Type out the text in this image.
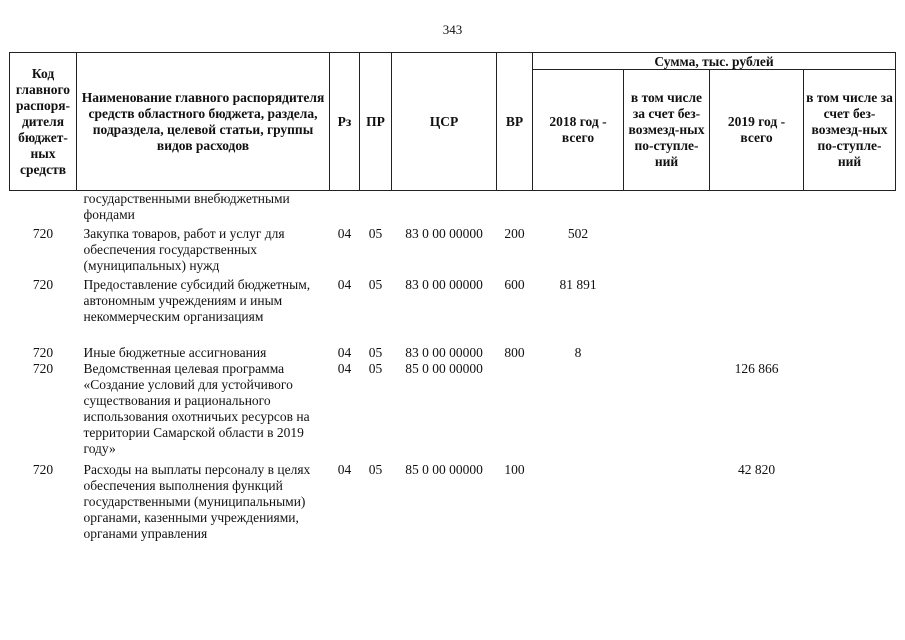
343
Код главного распоря-дителя бюджет-ных средств	Наименование главного распорядителя средств областного бюджета, раздела, подраздела, целевой статьи, группы видов расходов	Рз	ПР	ЦСР	ВР	Сумма, тыс. рублей			
						2018 год - всего	в том числе за счет без-возмезд-ных по-ступле-ний	2019 год - всего	в том числе за счет без-возмезд-ных по-ступле-ний
	государственными внебюджетными фондами								
720	Закупка товаров, работ и услуг для обеспечения государственных (муниципальных) нужд	04	05	83 0 00 00000	200	502			
720	Предоставление субсидий бюджетным, автономным учреждениям и иным некоммерческим организациям	04	05	83 0 00 00000	600	81 891			
720	Иные бюджетные ассигнования	04	05	83 0 00 00000	800	8			
720	Ведомственная целевая программа «Создание условий для устойчивого существования и рационального использования охотничьих ресурсов на территории Самарской области в 2019 году»	04	05	85 0 00 00000				126 866	
720	Расходы на выплаты персоналу в целях обеспечения выполнения функций государственными (муниципальными) органами, казенными учреждениями, органами управления	04	05	85 0 00 00000	100			42 820	
